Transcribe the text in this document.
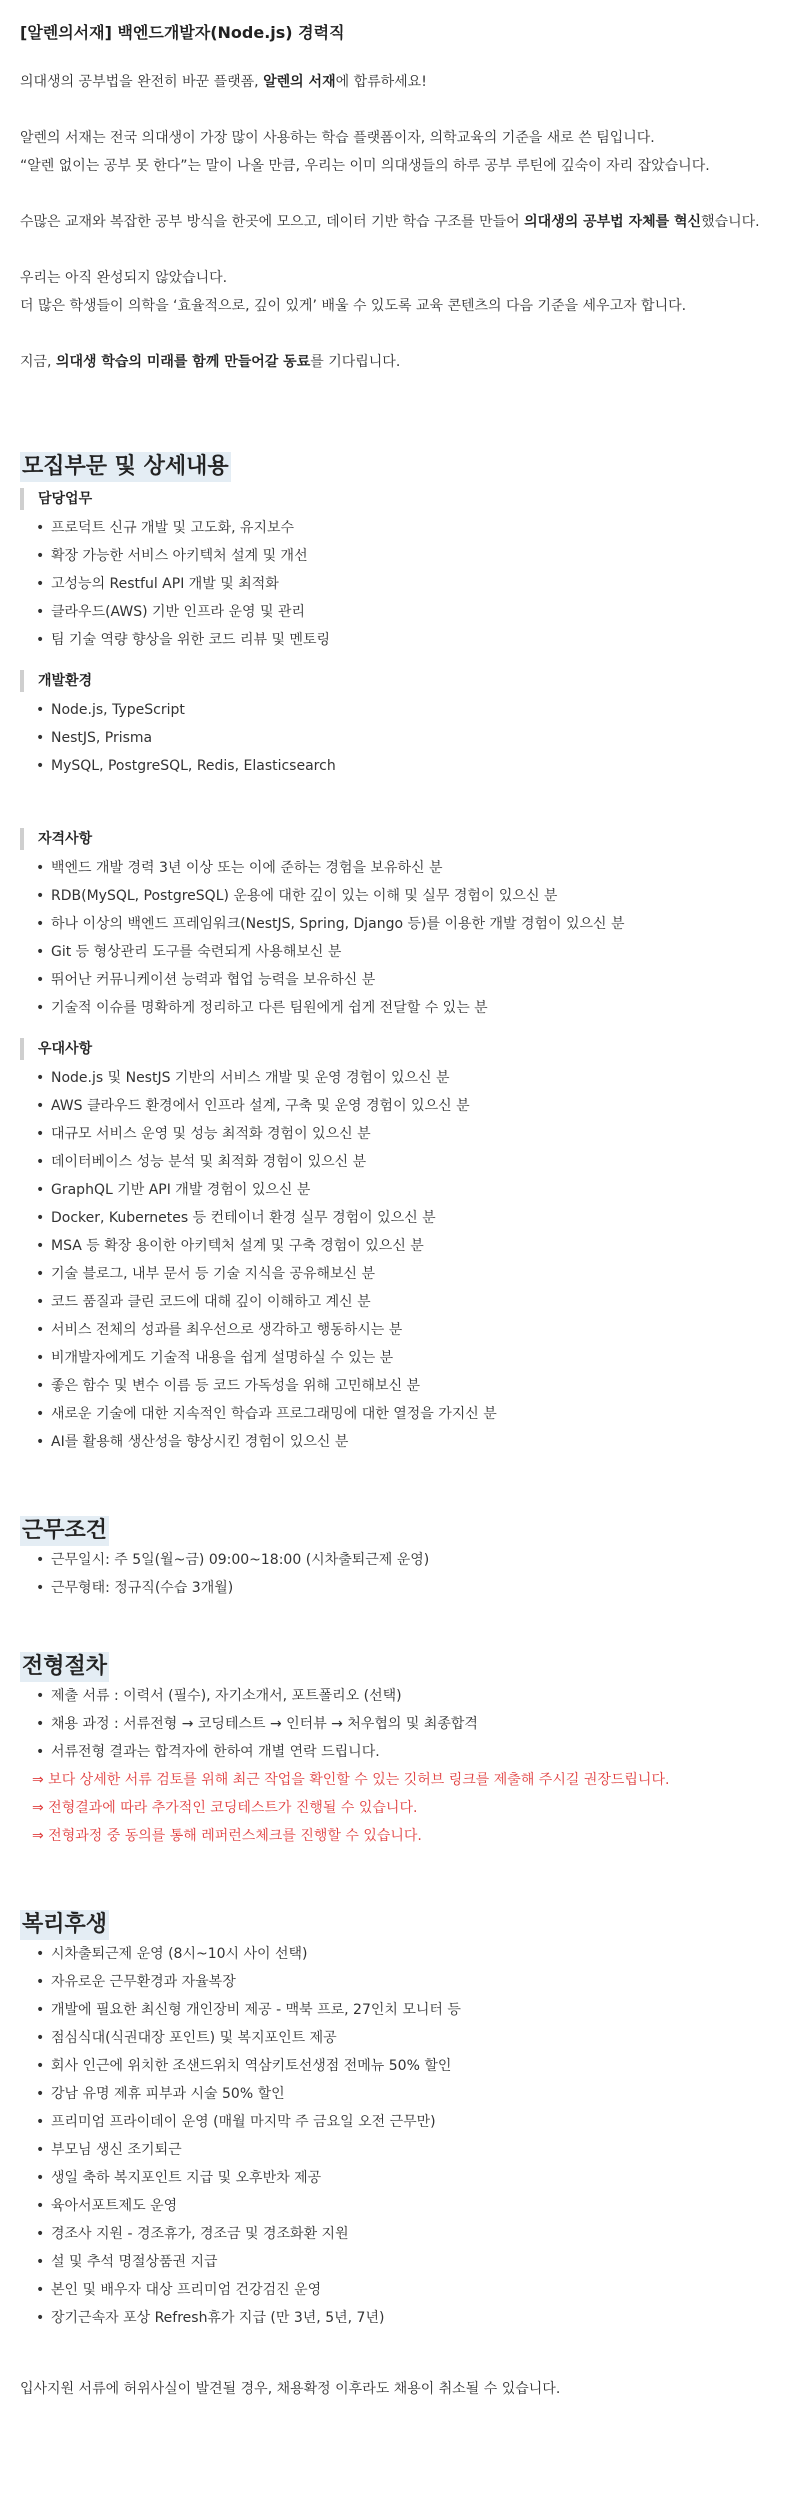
[알렌의서재] 백엔드개발자(Node.js) 경력직

의대생의 공부법을 완전히 바꾼 플랫폼, 알렌의 서재에 합류하세요!

알렌의 서재는 전국 의대생이 가장 많이 사용하는 학습 플랫폼이자, 의학교육의 기준을 새로 쓴 팀입니다.

“알렌 없이는 공부 못 한다”는 말이 나올 만큼, 우리는 이미 의대생들의 하루 공부 루틴에 깊숙이 자리 잡았습니다.

수많은 교재와 복잡한 공부 방식을 한곳에 모으고, 데이터 기반 학습 구조를 만들어 의대생의 공부법 자체를 혁신했습니다.

우리는 아직 완성되지 않았습니다.

더 많은 학생들이 의학을 ‘효율적으로, 깊이 있게’ 배울 수 있도록 교육 콘텐츠의 다음 기준을 세우고자 합니다.

지금, 의대생 학습의 미래를 함께 만들어갈 동료를 기다립니다.

모집부문 및 상세내용
담당업무
• 프로덕트 신규 개발 및 고도화, 유지보수
• 확장 가능한 서비스 아키텍처 설계 및 개선
• 고성능의 Restful API 개발 및 최적화
• 클라우드(AWS) 기반 인프라 운영 및 관리
• 팀 기술 역량 향상을 위한 코드 리뷰 및 멘토링
개발환경
• Node.js, TypeScript
• NestJS, Prisma
• MySQL, PostgreSQL, Redis, Elasticsearch
자격사항
• 백엔드 개발 경력 3년 이상 또는 이에 준하는 경험을 보유하신 분
• RDB(MySQL, PostgreSQL) 운용에 대한 깊이 있는 이해 및 실무 경험이 있으신 분
• 하나 이상의 백엔드 프레임워크(NestJS, Spring, Django 등)를 이용한 개발 경험이 있으신 분
• Git 등 형상관리 도구를 숙련되게 사용해보신 분
• 뛰어난 커뮤니케이션 능력과 협업 능력을 보유하신 분
• 기술적 이슈를 명확하게 정리하고 다른 팀원에게 쉽게 전달할 수 있는 분
우대사항
• Node.js 및 NestJS 기반의 서비스 개발 및 운영 경험이 있으신 분
• AWS 클라우드 환경에서 인프라 설계, 구축 및 운영 경험이 있으신 분
• 대규모 서비스 운영 및 성능 최적화 경험이 있으신 분
• 데이터베이스 성능 분석 및 최적화 경험이 있으신 분
• GraphQL 기반 API 개발 경험이 있으신 분
• Docker, Kubernetes 등 컨테이너 환경 실무 경험이 있으신 분
• MSA 등 확장 용이한 아키텍처 설계 및 구축 경험이 있으신 분
• 기술 블로그, 내부 문서 등 기술 지식을 공유해보신 분
• 코드 품질과 클린 코드에 대해 깊이 이해하고 계신 분
• 서비스 전체의 성과를 최우선으로 생각하고 행동하시는 분
• 비개발자에게도 기술적 내용을 쉽게 설명하실 수 있는 분
• 좋은 함수 및 변수 이름 등 코드 가독성을 위해 고민해보신 분
• 새로운 기술에 대한 지속적인 학습과 프로그래밍에 대한 열정을 가지신 분
• AI를 활용해 생산성을 향상시킨 경험이 있으신 분
근무조건
• 근무일시: 주 5일(월~금) 09:00~18:00 (시차출퇴근제 운영)
• 근무형태: 정규직(수습 3개월)
전형절차
• 제출 서류 : 이력서 (필수), 자기소개서, 포트폴리오 (선택)
• 채용 과정 : 서류전형 → 코딩테스트 → 인터뷰 → 처우협의 및 최종합격
• 서류전형 결과는 합격자에 한하여 개별 연락 드립니다.
⇒ 보다 상세한 서류 검토를 위해 최근 작업을 확인할 수 있는 깃허브 링크를 제출해 주시길 권장드립니다.
⇒ 전형결과에 따라 추가적인 코딩테스트가 진행될 수 있습니다.
⇒ 전형과정 중 동의를 통해 레퍼런스체크를 진행할 수 있습니다.
복리후생
• 시차출퇴근제 운영 (8시~10시 사이 선택)
• 자유로운 근무환경과 자율복장
• 개발에 필요한 최신형 개인장비 제공 - 맥북 프로, 27인치 모니터 등
• 점심식대(식권대장 포인트) 및 복지포인트 제공
• 회사 인근에 위치한 조샌드위치 역삼키토선생점 전메뉴 50% 할인
• 강남 유명 제휴 피부과 시술 50% 할인
• 프리미엄 프라이데이 운영 (매월 마지막 주 금요일 오전 근무만)
• 부모님 생신 조기퇴근
• 생일 축하 복지포인트 지급 및 오후반차 제공
• 육아서포트제도 운영
• 경조사 지원 - 경조휴가, 경조금 및 경조화환 지원
• 설 및 추석 명절상품권 지급
• 본인 및 배우자 대상 프리미엄 건강검진 운영
• 장기근속자 포상 Refresh휴가 지급 (만 3년, 5년, 7년)
입사지원 서류에 허위사실이 발견될 경우, 채용확정 이후라도 채용이 취소될 수 있습니다.
